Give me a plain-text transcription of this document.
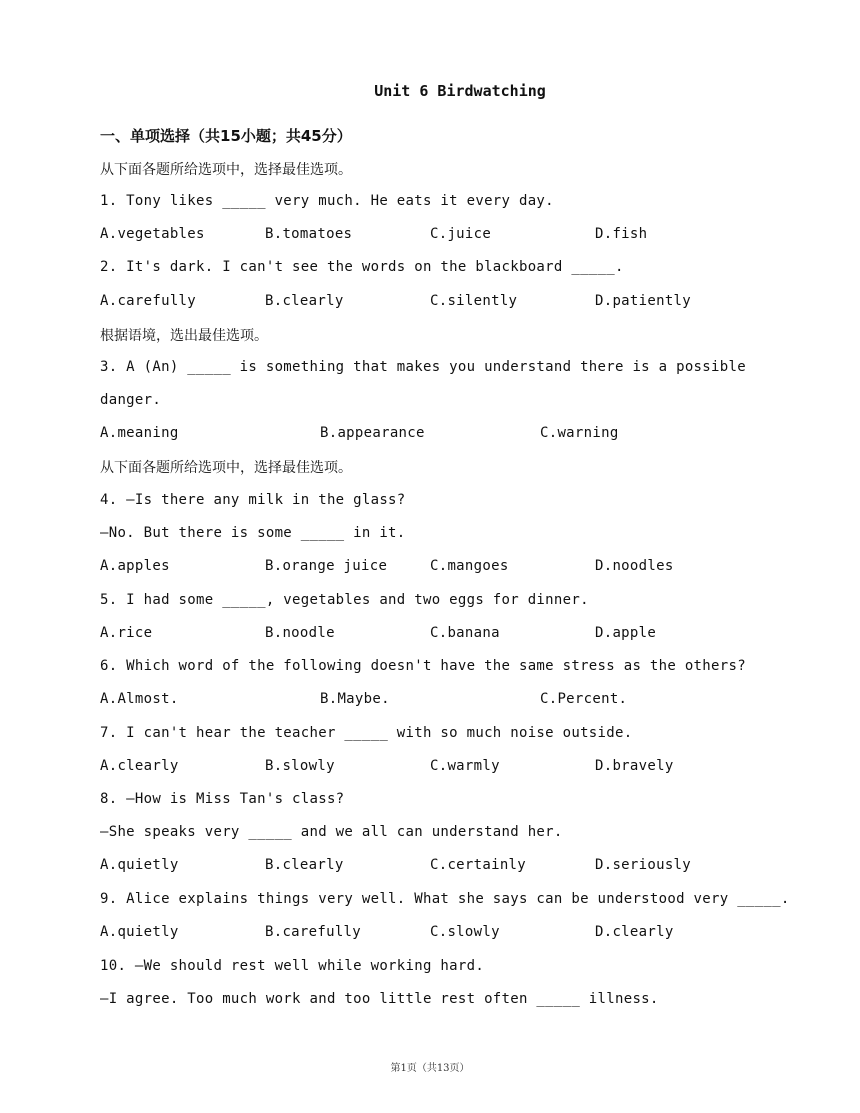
Unit 6 Birdwatching
一、单项选择（共15小题；共45分）
从下面各题所给选项中，选择最佳选项。
1. Tony likes _____ very much. He eats it every day.

A.vegetables

	B.tomatoes

	C.juice

	D.fish

2. It's dark. I can't see the words on the blackboard _____.

A.carefully

	B.clearly

	C.silently

	D.patiently

根据语境，选出最佳选项。
3. A (An) _____ is something that makes you understand there is a possible
danger.

A.meaning

	B.appearance

	C.warning

从下面各题所给选项中，选择最佳选项。
4. —Is there any milk in the glass?
—No. But there is some _____ in it.

A.apples

	B.orange juice

	C.mangoes

	D.noodles

5. I had some _____, vegetables and two eggs for dinner.

A.rice

	B.noodle

	C.banana

	D.apple

6. Which word of the following doesn't have the same stress as the others?

A.Almost.

	B.Maybe.

	C.Percent.

7. I can't hear the teacher _____ with so much noise outside.

A.clearly

	B.slowly

	C.warmly

	D.bravely

8. —How is Miss Tan's class?
—She speaks very _____ and we all can understand her.

A.quietly

	B.clearly

	C.certainly

	D.seriously

9. Alice explains things very well. What she says can be understood very _____.

A.quietly

	B.carefully

	C.slowly

	D.clearly

10. —We should rest well while working hard.
—I agree. Too much work and too little rest often _____ illness.
第1页（共13页）
